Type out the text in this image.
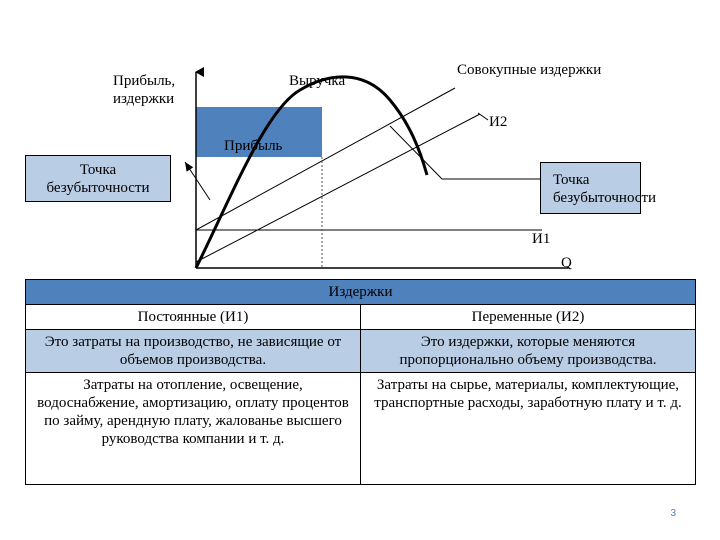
Прибыль,
издержки
Выручка
Совокупные издержки
И2
Прибыль
И1
Q
Точка
безубыточности	Точка
безубыточности
Издержки	
Постоянные (И1)	Переменные (И2)
Это затраты на производство, не зависящие от объемов производства.	Это издержки, которые меняются пропорционально объему производства.
Затраты на отопление, освещение, водоснабжение, амортизацию, оплату процентов по займу, арендную плату, жалованье высшего руководства компании и т. д.	Затраты на сырье, материалы, комплектующие, транспортные расходы, заработную плату и т. д.
3
